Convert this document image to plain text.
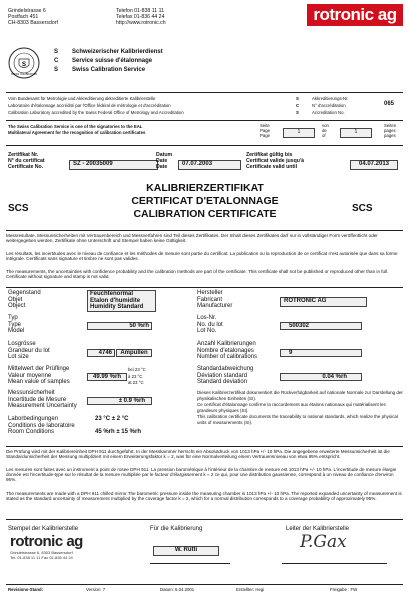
Grindelstrasse 6
Postfach 451
CH-8303 Bassersdorf
Telefon 01-838 11 11
Telefax 01-836 44 24
http://www.rotronic.ch	rotronic ag
S
SWISS CALIBRATION
S
C
S
Schweizerischer Kalibrierdienst
Service suisse d'étalonnage
Swiss Calibration Service
Vom Bundesamt für Metrologie und Akkreditierung akkreditierte Kalibrierstelle
Laboratoire d'étalonnage accrédité par l'Office fédéral de métrologie et d'accréditation
Calibration Laboratory accredited by the Swiss Federal Office of Metrology and Accreditation
S
C
S
Akkreditierungs-Nr.
N° d'accréditation
Accreditation No.
065
The Swiss Calibration Service is one of the signatories to the EAL
Multilateral Agreement for the recognition of calibration certificates
Seite
Page
Page
1
von
de
of
1
Seiten
pages
pages
Zertifikat Nr.
N° du certificat
Certificate No.	SZ - 20035009
Datum
Date
Date	07.07.2003
Zertifikat gültig bis
Certificat valide jusqu'à
Certificate valid until	04.07.2013
SCS	SCS
KALIBRIERZERTIFIKAT
CERTIFICAT D'ETALONNAGE
CALIBRATION CERTIFICATE
Messresultate, Messunsicherheiten mit Vertrauenbereich und Messverfahren sind Teil dieses Zertifikates. Der Inhalt dieses Zertifikates darf nur in vollständiger Form veröffentlicht oder weitergegeben werden. Zertifikate ohne Unterschrift und Stempel haben keine Gültigkeit.
Les résultats, les incertitudes avec le niveau de confiance et les méthodes de mesure sont partie du certificat. La publication ou la reproduction de ce certificat n'est autorisée que dans sa forme intégrale. Certificats sans signature et timbre ne sont pas valides.
The measurements, the uncertainties with confidence probability and the calibration methods are part of the certificate. This certificate shall not be published or reproduced other than in full. Certificate without signature and stamp is not valid.
Gegenstand
Objet
Object
Feuchtenormal
Etalon d'humidite
Humidity Standard
Typ
Type
Model
50 %rh
Losgrösse
Grandeur du lot
Lot size
4746	Ampullen
Mittelwert der Prüflinge
Valeur moyenne
Mean value of samples
bei 23 °C
à 23 °C
at 23 °C
49.99 %rh
Messunsicherheit
Incertitude de Mesure
Measurement Uncertainty
± 0.9 %rh
Laborbedingungen
Conditions de laboratoire
Room Conditions
23 °C ± 2 °C
45 %rh ± 15 %rh
Hersteller
Fabricant
Manufacturer
ROTRONIC AG
Los-Nr.
No. du lot
Lot No.
500302
Anzahl Kalibrierungen
Nombre d'etalonages
Number of calibrations
9
Standardabweichung
Déviation standard
Standard deviation
0.04 %rh
Dieses Kalibrierzertifikat dokumentiert die Rückverfolgbarkeit auf nationale Normale zur Darstellung der physikalischen Einheiten (SI).
Ce certificat d'étalonnage confirme la raccordement aux étalons nationaux qui matérialisent les grandeurs physiques (SI).
This calibration certificate documents the traceability to national standards, which realize the physical units of measurements (SI).
Die Prüfung wird mit der Kalibriereinheit DPH 911 durchgeführt. In der Messkammer herrscht ein Absolutdruck von 1013 hPa +/- 10 hPa. Die angegebene erweiterte Messunsicherheit ist die Standardunsicherheit der Messung multipliziert mit einem Erweiterungsfaktor k = 2, was für eine Normalverteilung einem Vertrauensniveau von etwa 95% entspricht.
Les mesures sont faites avec un instrument a point de rosee DPH 911. La pression barométrique à l'intérieur de la chambre de mesure est 1013 hPa +/- 10 hPa. L'incertitude de mesure élargie donnée est l'incertitude-type sur le résultat de la mesure multipliée par le facteur d'élargissement k = 2 ce qui, pour une distribution gaussienne, correspond à un niveau de confiance d'environ 95%.
The measurements are made with a DPH 911 chilled mirror.The barometric pressure inside the measuring chamber is 1013 hPa +/- 10 hPa. The reported expanded uncertainty of measurement is stated as the standard uncertainty of measurement multiplied by the coverage factor k = 2, which for a normal distribution corresponds to a coverage probability of approximately 95%.
Stempel der Kalibrierstelle
rotronic ag
Grindelstrasse 6, 8303 Bassersdorf
Tel. 01-838 11 11 Fax 01-836 44 24
Für die Kalibrierung
W. Rütti
Leiter der Kalibrierstelle
P.Gax
Revisions-Stand:	Version: 7	Datum: 6.04.2001	Erstellter: Hegi	Freigabe : FW
